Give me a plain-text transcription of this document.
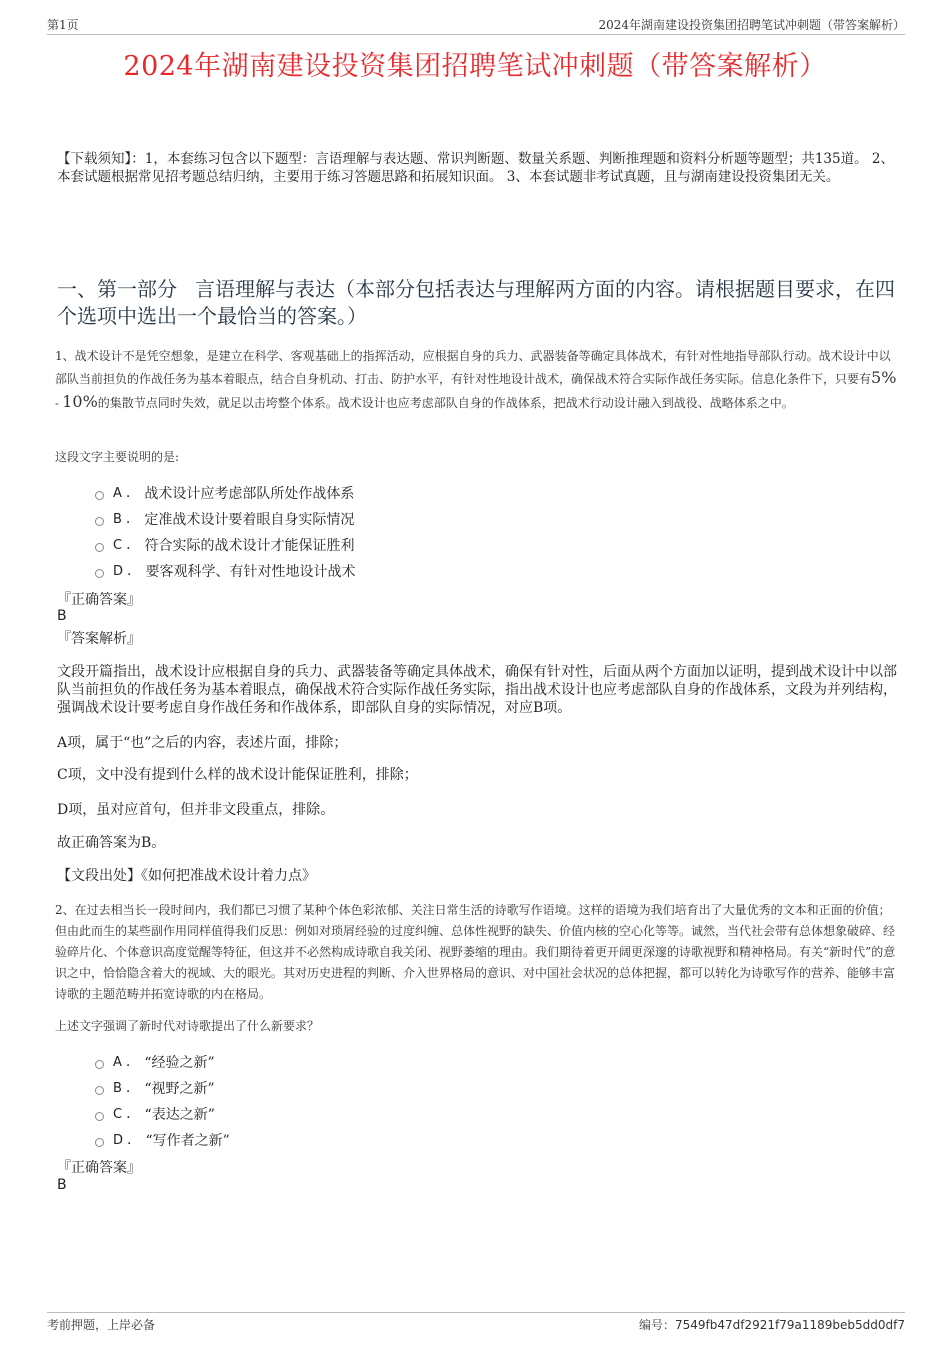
第1页	2024年湖南建设投资集团招聘笔试冲刺题（带答案解析）
2024年湖南建设投资集团招聘笔试冲刺题（带答案解析）
【下载须知】：1，本套练习包含以下题型：言语理解与表达题、常识判断题、数量关系题、判断推理题和资料分析题等题型；共135道。 2、本套试题根据常见招考题总结归纳，主要用于练习答题思路和拓展知识面。 3、本套试题非考试真题，且与湖南建设投资集团无关。
一、第一部分 言语理解与表达（本部分包括表达与理解两方面的内容。请根据题目要求，在四个选项中选出一个最恰当的答案。）
1、战术设计不是凭空想象，是建立在科学、客观基础上的指挥活动，应根据自身的兵力、武器装备等确定具体战术，有针对性地指导部队行动。战术设计中以部队当前担负的作战任务为基本着眼点，结合自身机动、打击、防护水平，有针对性地设计战术，确保战术符合实际作战任务实际。信息化条件下，只要有5% - 10%的集散节点同时失效，就足以击垮整个体系。战术设计也应考虑部队自身的作战体系，把战术行动设计融入到战役、战略体系之中。
这段文字主要说明的是:
A . 战术设计应考虑部队所处作战体系
B . 定准战术设计要着眼自身实际情况
C . 符合实际的战术设计才能保证胜利
D . 要客观科学、有针对性地设计战术
『正确答案』
B
『答案解析』
文段开篇指出，战术设计应根据自身的兵力、武器装备等确定具体战术，确保有针对性，后面从两个方面加以证明，提到战术设计中以部队当前担负的作战任务为基本着眼点，确保战术符合实际作战任务实际，指出战术设计也应考虑部队自身的作战体系，文段为并列结构，强调战术设计要考虑自身作战任务和作战体系，即部队自身的实际情况，对应B项。
A项，属于“也”之后的内容，表述片面，排除；
C项，文中没有提到什么样的战术设计能保证胜利，排除；
D项，虽对应首句，但并非文段重点，排除。
故正确答案为B。
【文段出处】《如何把准战术设计着力点》
2、在过去相当长一段时间内，我们都已习惯了某种个体色彩浓郁、关注日常生活的诗歌写作语境。这样的语境为我们培育出了大量优秀的文本和正面的价值；但由此而生的某些副作用同样值得我们反思：例如对琐屑经验的过度纠缠、总体性视野的缺失、价值内核的空心化等等。诚然，当代社会带有总体想象破碎、经验碎片化、个体意识高度觉醒等特征，但这并不必然构成诗歌自我关闭、视野萎缩的理由。我们期待着更开阔更深邃的诗歌视野和精神格局。有关“新时代”的意识之中，恰恰隐含着大的视域、大的眼光。其对历史进程的判断、介入世界格局的意识、对中国社会状况的总体把握，都可以转化为诗歌写作的营养、能够丰富诗歌的主题范畴并拓宽诗歌的内在格局。
上述文字强调了新时代对诗歌提出了什么新要求？
A . “经验之新”
B . “视野之新”
C . “表达之新”
D . “写作者之新”
『正确答案』
B
考前押题，上岸必备	编号：7549fb47df2921f79a1189beb5dd0df7
